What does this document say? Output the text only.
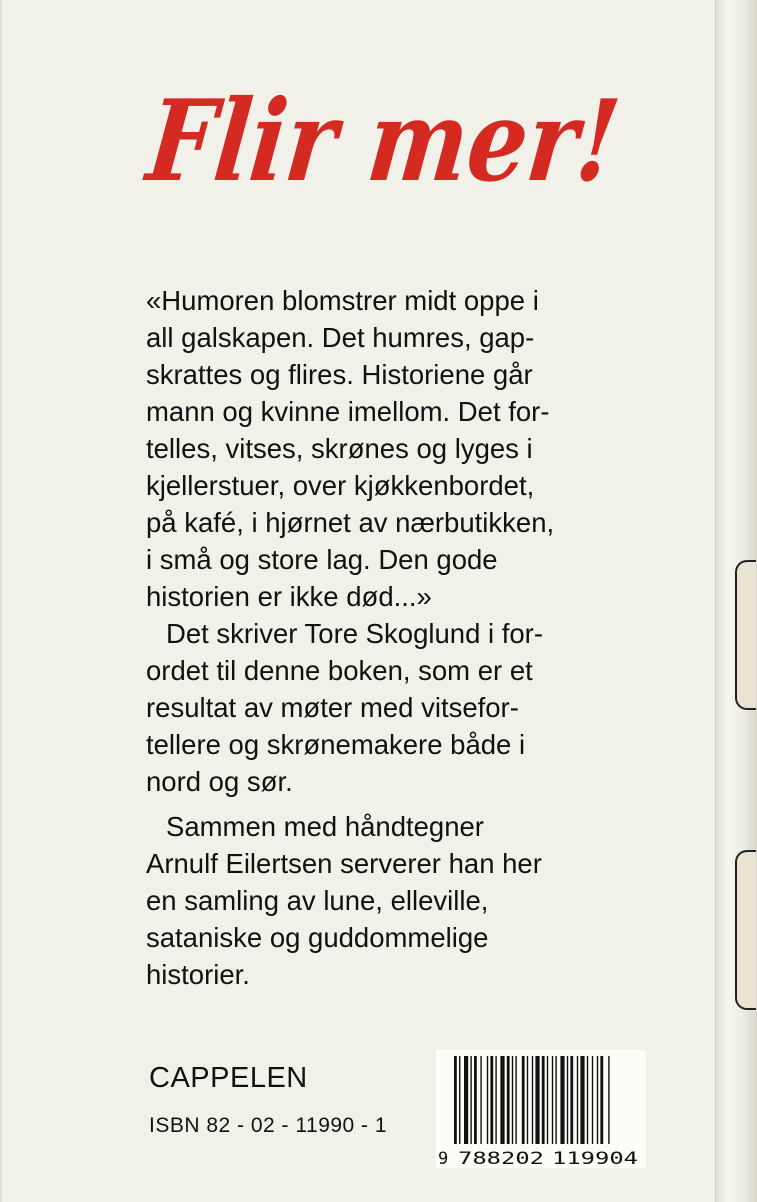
Flir mer!

«Humoren blomstrer midt oppe i
all galskapen. Det humres, gap-
skrattes og flires. Historiene går
mann og kvinne imellom. Det for-
telles, vitses, skrønes og lyges i
kjellerstuer, over kjøkkenbordet,
på kafé, i hjørnet av nærbutikken,
i små og store lag. Den gode
historien er ikke død...»

Det skriver Tore Skoglund i for-
ordet til denne boken, som er et
resultat av møter med vitsefor-
tellere og skrønemakere både i
nord og sør.

Sammen med håndtegner
Arnulf Eilertsen serverer han her
en samling av lune, elleville,
sataniske og guddommelige
historier.

CAPPELEN
ISBN 82 - 02 - 11990 - 1
9 788202 119904
